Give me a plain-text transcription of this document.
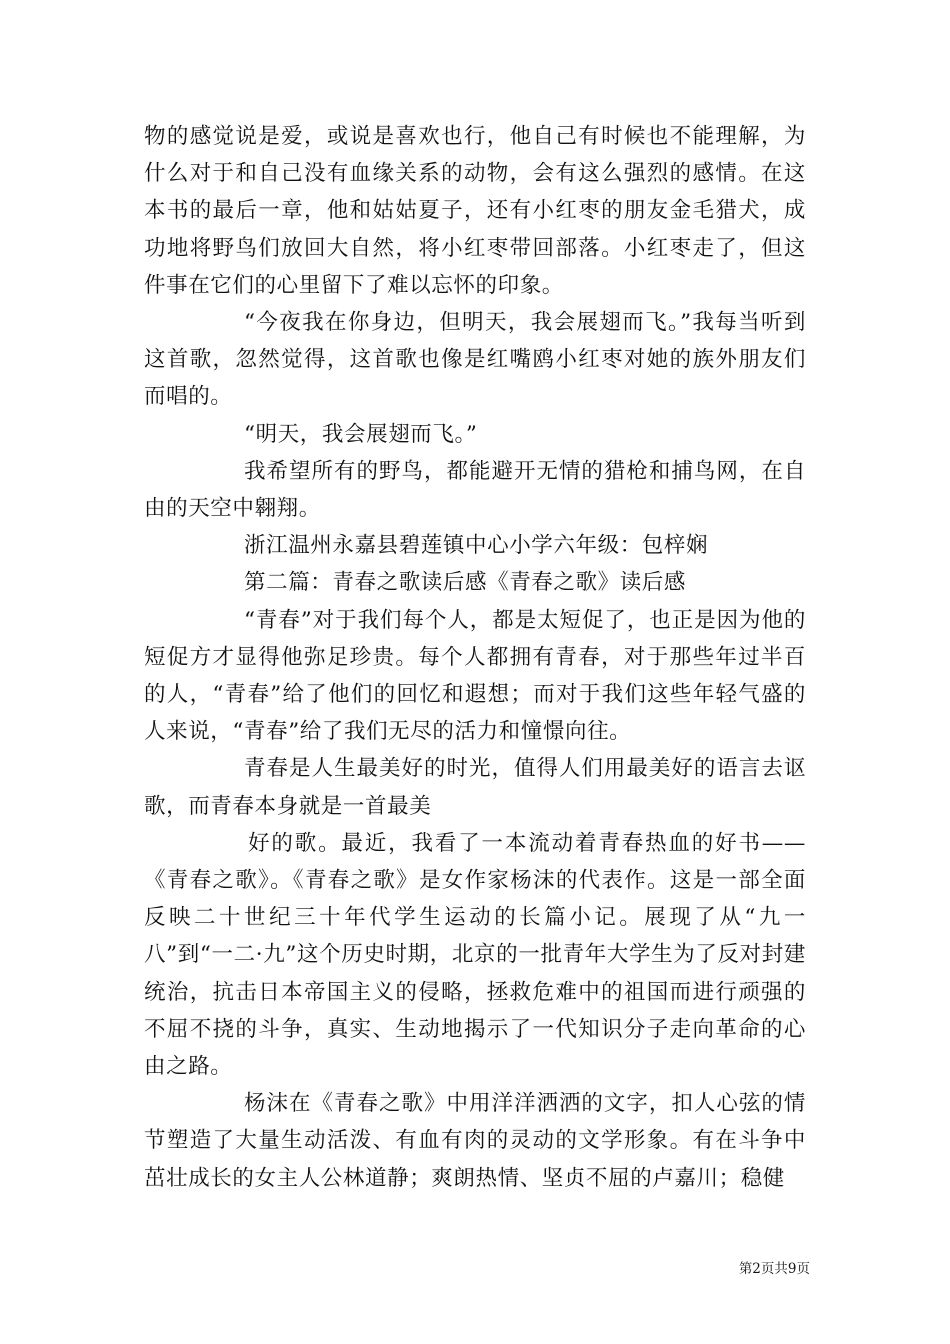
物的感觉说是爱，或说是喜欢也行，他自己有时候也不能理解，为什么对于和自己没有血缘关系的动物，会有这么强烈的感情。在这本书的最后一章，他和姑姑夏子，还有小红枣的朋友金毛猎犬，成功地将野鸟们放回大自然，将小红枣带回部落。小红枣走了，但这件事在它们的心里留下了难以忘怀的印象。

“今夜我在你身边，但明天，我会展翅而飞。”我每当听到这首歌，忽然觉得，这首歌也像是红嘴鸥小红枣对她的族外朋友们而唱的。

“明天，我会展翅而飞。”

我希望所有的野鸟，都能避开无情的猎枪和捕鸟网，在自由的天空中翱翔。

浙江温州永嘉县碧莲镇中心小学六年级：包梓娴

第二篇：青春之歌读后感《青春之歌》读后感

“青春”对于我们每个人，都是太短促了，也正是因为他的短促方才显得他弥足珍贵。每个人都拥有青春，对于那些年过半百的人，“青春”给了他们的回忆和遐想；而对于我们这些年轻气盛的人来说，“青春”给了我们无尽的活力和憧憬向往。

青春是人生最美好的时光，值得人们用最美好的语言去讴歌，而青春本身就是一首最美

好的歌。最近，我看了一本流动着青春热血的好书——《青春之歌》。《青春之歌》是女作家杨沫的代表作。这是一部全面反映二十世纪三十年代学生运动的长篇小记。展现了从“九一八”到“一二·九”这个历史时期，北京的一批青年大学生为了反对封建统治，抗击日本帝国主义的侵略，拯救危难中的祖国而进行顽强的不屈不挠的斗争，真实、生动地揭示了一代知识分子走向革命的心由之路。

杨沫在《青春之歌》中用洋洋洒洒的文字，扣人心弦的情节塑造了大量生动活泼、有血有肉的灵动的文学形象。有在斗争中茁壮成长的女主人公林道静；爽朗热情、坚贞不屈的卢嘉川；稳健

第2页共9页
